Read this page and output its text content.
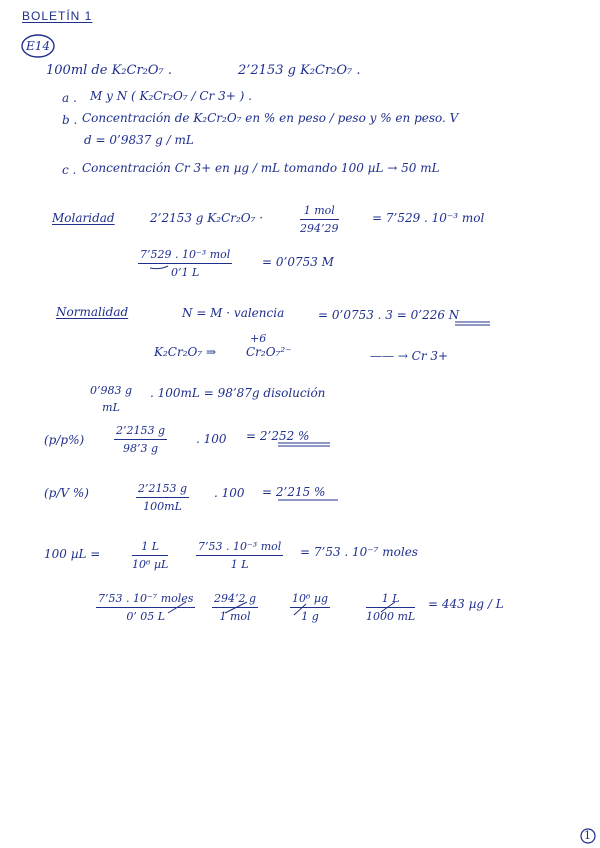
BOLETÍN 1
E14
100ml de K₂Cr₂O₇ .	2’2153 g K₂Cr₂O₇ .
a . M y N ( K₂Cr₂O₇ / Cr 3+ ) .
b . Concentración de K₂Cr₂O₇ en % en peso / peso y % en peso. V
d = 0’9837 g / mL
c . Concentración Cr 3+ en µg / mL tomando 100 µL → 50 mL
Molaridad	2’2153 g K₂Cr₂O₇ ·
1 mol
294’29
= 7’529 . 10⁻³ mol
7’529 . 10⁻³ mol
0’1 L
= 0’0753 M
Normalidad	N = M · valencia	= 0’0753 . 3 = 0’226 N
K₂Cr₂O₇ ⇒
+6
Cr₂O₇²⁻	—— → Cr 3+
0’983 g
mL
. 100mL = 98’87g disolución
(p/p%)	$\frac{2’2153 g}{98’3 g}$ . 100 = 2’252 %
(p/V %)	$\frac{2’2153 g}{100mL}$ . 100 = 2’215 %
100 µL =
1 L
10⁶ µL
7’53 . 10⁻³ mol
1 L
= 7’53 . 10⁻⁷ moles
7’53 . 10⁻⁷ moles
0’ 05 L
294’2 g
1 mol
10⁶ µg
1 g	$\frac{1 L}{1000 mL} = 443$ µg / L
1
